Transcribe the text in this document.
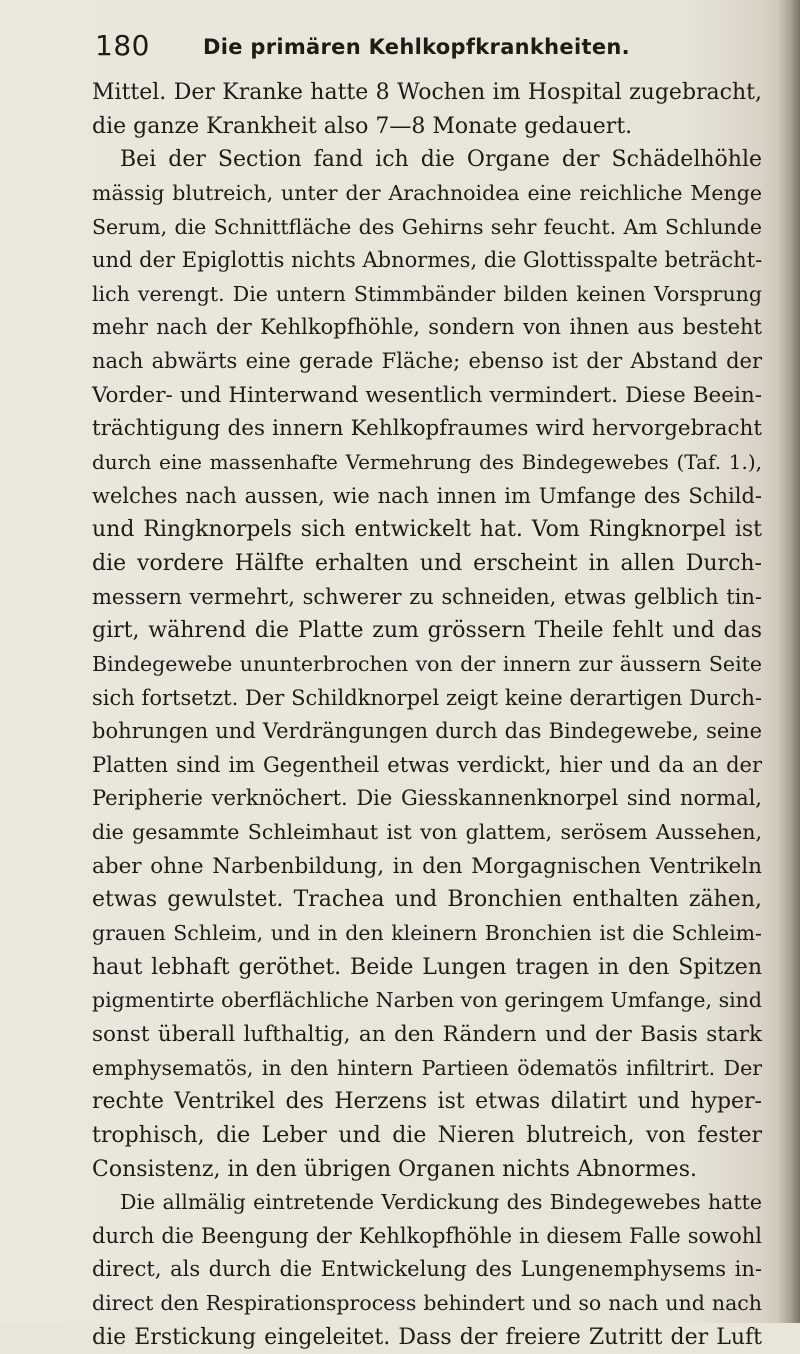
180	Die primären Kehlkopfkrankheiten.
Mittel. Der Kranke hatte 8 Wochen im Hospital zugebracht,
die ganze Krankheit also 7—8 Monate gedauert.
Bei der Section fand ich die Organe der Schädelhöhle
mässig blutreich, unter der Arachnoidea eine reichliche Menge
Serum, die Schnittfläche des Gehirns sehr feucht. Am Schlunde
und der Epiglottis nichts Abnormes, die Glottisspalte beträcht-
lich verengt. Die untern Stimmbänder bilden keinen Vorsprung
mehr nach der Kehlkopfhöhle, sondern von ihnen aus besteht
nach abwärts eine gerade Fläche; ebenso ist der Abstand der
Vorder- und Hinterwand wesentlich vermindert. Diese Beein-
trächtigung des innern Kehlkopfraumes wird hervorgebracht
durch eine massenhafte Vermehrung des Bindegewebes (Taf. 1.),
welches nach aussen, wie nach innen im Umfange des Schild-
und Ringknorpels sich entwickelt hat. Vom Ringknorpel ist
die vordere Hälfte erhalten und erscheint in allen Durch-
messern vermehrt, schwerer zu schneiden, etwas gelblich tin-
girt, während die Platte zum grössern Theile fehlt und das
Bindegewebe ununterbrochen von der innern zur äussern Seite
sich fortsetzt. Der Schildknorpel zeigt keine derartigen Durch-
bohrungen und Verdrängungen durch das Bindegewebe, seine
Platten sind im Gegentheil etwas verdickt, hier und da an der
Peripherie verknöchert. Die Giesskannenknorpel sind normal,
die gesammte Schleimhaut ist von glattem, serösem Aussehen,
aber ohne Narbenbildung, in den Morgagnischen Ventrikeln
etwas gewulstet. Trachea und Bronchien enthalten zähen,
grauen Schleim, und in den kleinern Bronchien ist die Schleim-
haut lebhaft geröthet. Beide Lungen tragen in den Spitzen
pigmentirte oberflächliche Narben von geringem Umfange, sind
sonst überall lufthaltig, an den Rändern und der Basis stark
emphysematös, in den hintern Partieen ödematös infiltrirt. Der
rechte Ventrikel des Herzens ist etwas dilatirt und hyper-
trophisch, die Leber und die Nieren blutreich, von fester
Consistenz, in den übrigen Organen nichts Abnormes.
Die allmälig eintretende Verdickung des Bindegewebes hatte
durch die Beengung der Kehlkopfhöhle in diesem Falle sowohl
direct, als durch die Entwickelung des Lungenemphysems in-
direct den Respirationsprocess behindert und so nach und nach
die Erstickung eingeleitet. Dass der freiere Zutritt der Luft
